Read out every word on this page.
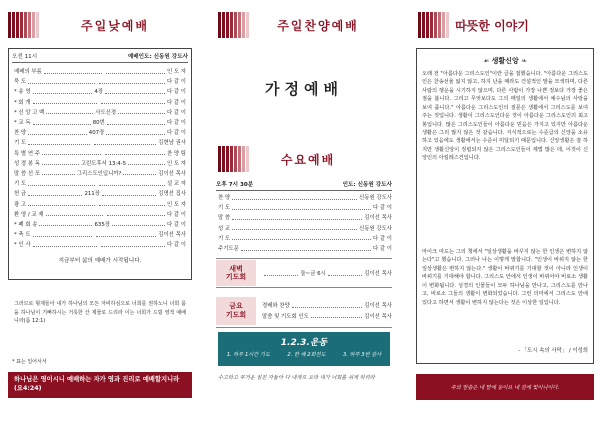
주일낮예배
오전 11시	예배인도: 신동원 강도사
예배의 부름	인 도 자
묵 도	다 같 이
* 송 영	4장	다 같 이
* 회 개	다 같 이
* 신 앙 고 백	사도신경	다 같 이
* 교 독	80번	다 같 이
찬 양	407장	다 같 이
기 도	김현남 권사
특 별 연 주	찬 양 팀
성 경 봉 독	고린도후서 13:4-5	인 도 자
말 씀 선 포	그리스도인입니까?	김이선 목사
기 도	설 교 자
헌 금	211장	김명선 집사
광 고	인 도 자
환 영 / 교 제	다 같 이
* 폐 회 송	635장	다 같 이
* 축 도	김이선 목사
* 인 사	다 같 이
지금부터 삶의 예배가 시작됩니다.
그러므로 형제들아 내가 하나님의 모든 자비하심으로 너희를 권하노니 너희 몸을 하나님이 기뻐하시는 거룩한 산 제물로 드리라 이는 너희가 드릴 영적 예배니라(롬 12:1)
* 표는 일어서서
하나님은 영이시니 예배하는 자가 영과 진리로 예배할지니라 (요4:24)
주일찬양예배
가정예배
수요예배
오후 7시 30분	인도: 신동원 강도사
찬 양	신동원 강도사
기 도	다 같 이
말 씀	김이선 목사
성 교	신동원 강도사
기 도	다 같 이
주기도문	다 같 이
새벽
기도회	둘~금 6시	김이선 목사
금요
기도회
경배와 찬양	김이선 목사
말씀 및 기도회 인도	김이선 목사
1.2.3.운동
1. 하루 1시간 기도	2. 한 해 2회전도	3. 하루 3번 감사
수고하고 무거운 짐진 자들아 다 내게로 오라 내가 너희를 쉬게 하리라
따뜻한 이야기
☙ 생활신앙 ❧
오래 전 "아름다운 그리스도인"이란 글을 접했습니다. "아름다운 그리스도인은 찬송선율 잃지 않고, 하지 난을 때라도 건설적인 말을 모색하며, 다른 사람의 행운을 시기하지 않으며, 다른 사람이 가장 나쁜 정보다 가장 좋은 점을 봅니다. 그리고 무엇보다도 그의 매일의 생활에서 예수님의 사랑을 보여 줍니다." 아름다운 그리스도인의 질문은 생활에서 그리스도를 보여 주는 것입니다. 생활이 그리스도인다운 것이 아름다운 그리스도인의 최고 봉입니다. 많은 그리스도인들이 아름다운 믿음은 가지고 있지만 아름다운 생활은 그리 많지 않은 것 같습니다. 지식적으로는 수준급의 신앙을 소유하고 있음에도 생활에서는 수준이 미달되기 때문입니다. 신앙생활은 잘 하지만 생활신앙이 정립되지 않은 그리스도인들이 제법 많은 데, 이것이 신앙인의 아킬레스건입니다.
마이크 여도는 그의 책에서 "일상생활을 바꾸지 않는 한 인생은 변하지 않는다"고 했습니다. 그러나 나는 이렇게 말합니다. "인생이 바뀌지 않는 한 일상생활은 변하지 않는다." 생활이 바뀌기를 기대할 것이 아니라 인생이 바뀌기를 기대해야 합니다. 그리스도 안에서 인생이 바뀌어야 비로소 생활이 변화됩니다. 성경의 인물들이 모두 하나님을 만나고, 그리스도를 만나고, 비로소 그들의 생활이 변화되었습니다. 그런 의미에서 그리스도 안에 있다고 하면서 생활이 변하지 않는다는 것은 이상한 일입니다.
- 「도시 속의 사막」 / 이성희
주의 말씀은 내 발에 등이요 내 길에 빛이니이다.
